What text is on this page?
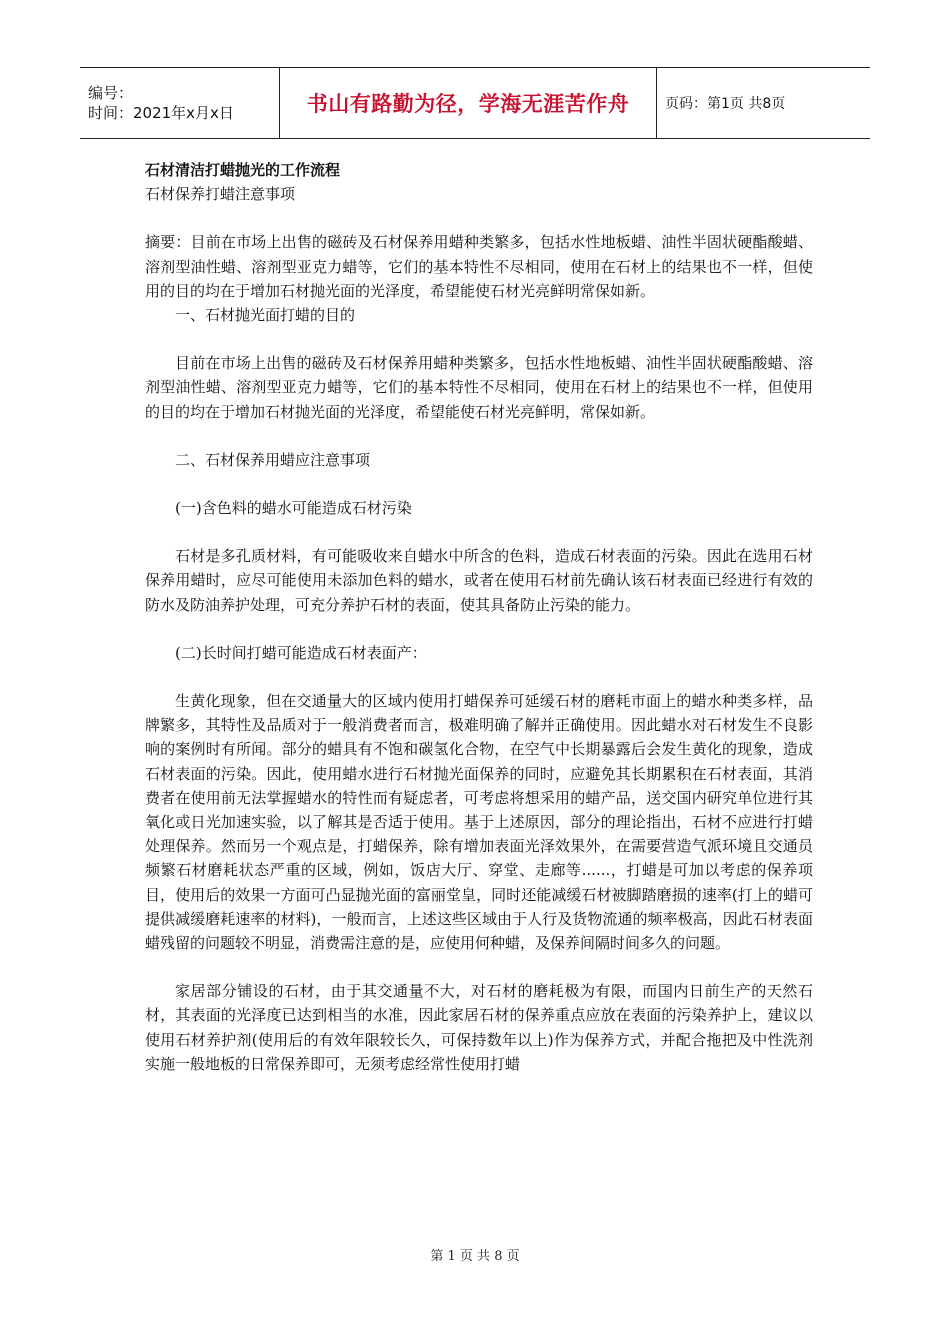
编号：
时间：2021年x月x日	书山有路勤为径，学海无涯苦作舟	页码：第1页 共8页

石材清洁打蜡抛光的工作流程

石材保养打蜡注意事项

摘要：目前在市场上出售的磁砖及石材保养用蜡种类繁多，包括水性地板蜡、油性半固状硬酯酸蜡、溶剂型油性蜡、溶剂型亚克力蜡等，它们的基本特性不尽相同，使用在石材上的结果也不一样，但使用的目的均在于增加石材抛光面的光泽度，希望能使石材光亮鲜明常保如新。

一、石材抛光面打蜡的目的

目前在市场上出售的磁砖及石材保养用蜡种类繁多，包括水性地板蜡、油性半固状硬酯酸蜡、溶剂型油性蜡、溶剂型亚克力蜡等，它们的基本特性不尽相同，使用在石材上的结果也不一样，但使用的目的均在于增加石材抛光面的光泽度，希望能使石材光亮鲜明，常保如新。

二、石材保养用蜡应注意事项

(一)含色料的蜡水可能造成石材污染

石材是多孔质材料，有可能吸收来自蜡水中所含的色料，造成石材表面的污染。因此在选用石材保养用蜡时，应尽可能使用未添加色料的蜡水，或者在使用石材前先确认该石材表面已经进行有效的防水及防油养护处理，可充分养护石材的表面，使其具备防止污染的能力。

(二)长时间打蜡可能造成石材表面产：

生黄化现象，但在交通量大的区域内使用打蜡保养可延缓石材的磨耗市面上的蜡水种类多样，品牌繁多，其特性及品质对于一般消费者而言，极难明确了解并正确使用。因此蜡水对石材发生不良影响的案例时有所闻。部分的蜡具有不饱和碳氢化合物，在空气中长期暴露后会发生黄化的现象，造成石材表面的污染。因此，使用蜡水进行石材抛光面保养的同时，应避免其长期累积在石材表面，其消费者在使用前无法掌握蜡水的特性而有疑虑者，可考虑将想采用的蜡产品，送交国内研究单位进行其氧化或日光加速实验，以了解其是否适于使用。基于上述原因，部分的理论指出，石材不应进行打蜡处理保养。然而另一个观点是，打蜡保养，除有增加表面光泽效果外，在需要营造气派环境且交通员频繁石材磨耗状态严重的区域，例如，饭店大厅、穿堂、走廊等......，打蜡是可加以考虑的保养项目，使用后的效果一方面可凸显抛光面的富丽堂皇，同时还能减缓石材被脚踏磨损的速率(打上的蜡可提供减缓磨耗速率的材料)，一般而言，上述这些区域由于人行及货物流通的频率极高，因此石材表面蜡残留的问题较不明显，消费需注意的是，应使用何种蜡，及保养间隔时间多久的问题。

家居部分铺设的石材，由于其交通量不大，对石材的磨耗极为有限，而国内日前生产的天然石材，其表面的光泽度已达到相当的水准，因此家居石材的保养重点应放在表面的污染养护上，建议以使用石材养护剂(使用后的有效年限较长久，可保持数年以上)作为保养方式，并配合拖把及中性洗剂实施一般地板的日常保养即可，无须考虑经常性使用打蜡

第 1 页 共 8 页
